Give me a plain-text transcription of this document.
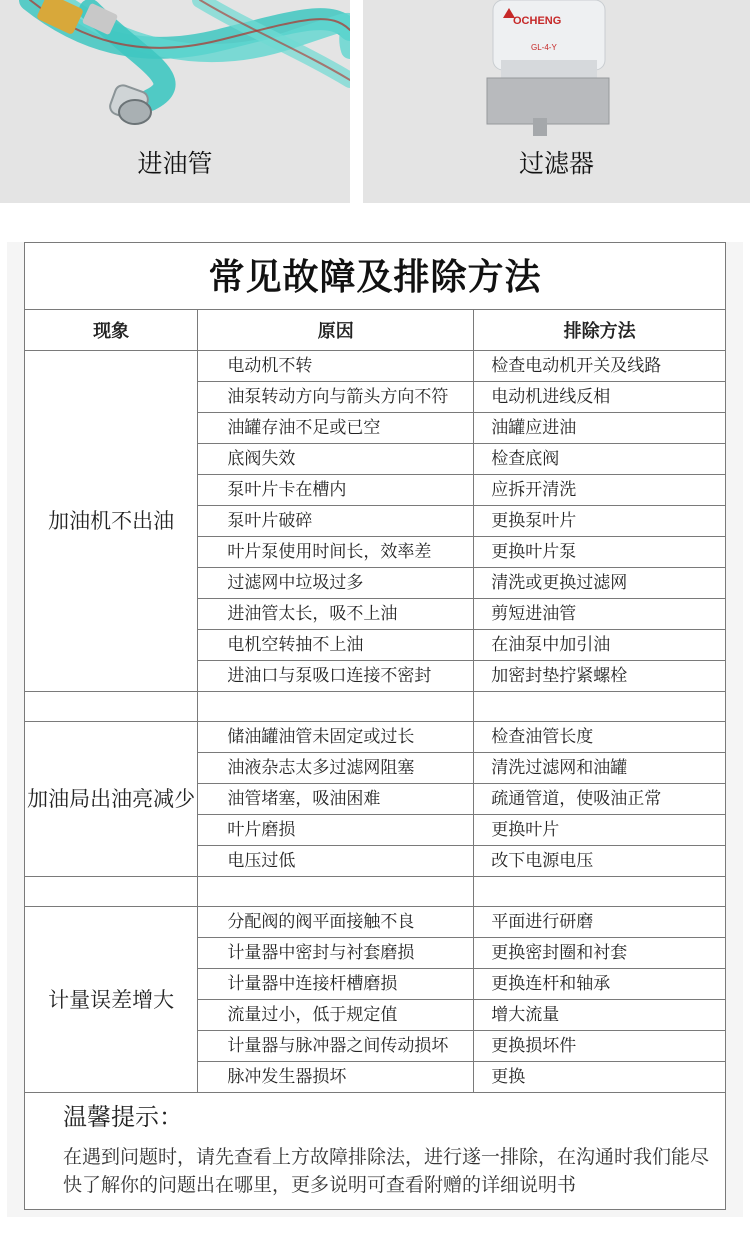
进油管
OCHENG
GL-4-Y
过滤器
常见故障及排除方法
现象	原因	排除方法
加油机不出油	电动机不转	检查电动机开关及线路
	油泵转动方向与箭头方向不符	电动机进线反相
	油罐存油不足或已空	油罐应进油
	底阀失效	检查底阀
	泵叶片卡在槽内	应拆开清洗
	泵叶片破碎	更换泵叶片
	叶片泵使用时间长，效率差	更换叶片泵
	过滤网中垃圾过多	清洗或更换过滤网
	进油管太长，吸不上油	剪短进油管
	电机空转抽不上油	在油泵中加引油
	进油口与泵吸口连接不密封	加密封垫拧紧螺栓

加油局出油亮减少	储油罐油管未固定或过长	检查油管长度
	油液杂志太多过滤网阻塞	清洗过滤网和油罐
	油管堵塞，吸油困难	疏通管道，使吸油正常
	叶片磨损	更换叶片
	电压过低	改下电源电压

计量误差增大	分配阀的阀平面接触不良	平面进行研磨
	计量器中密封与衬套磨损	更换密封圈和衬套
	计量器中连接杆槽磨损	更换连杆和轴承
	流量过小，低于规定值	增大流量
	计量器与脉冲器之间传动损坏	更换损坏件
	脉冲发生器损坏	更换
温馨提示：
在遇到问题时，请先查看上方故障排除法，进行遂一排除，在沟通时我们能尽快了解你的问题出在哪里，更多说明可查看附赠的详细说明书
